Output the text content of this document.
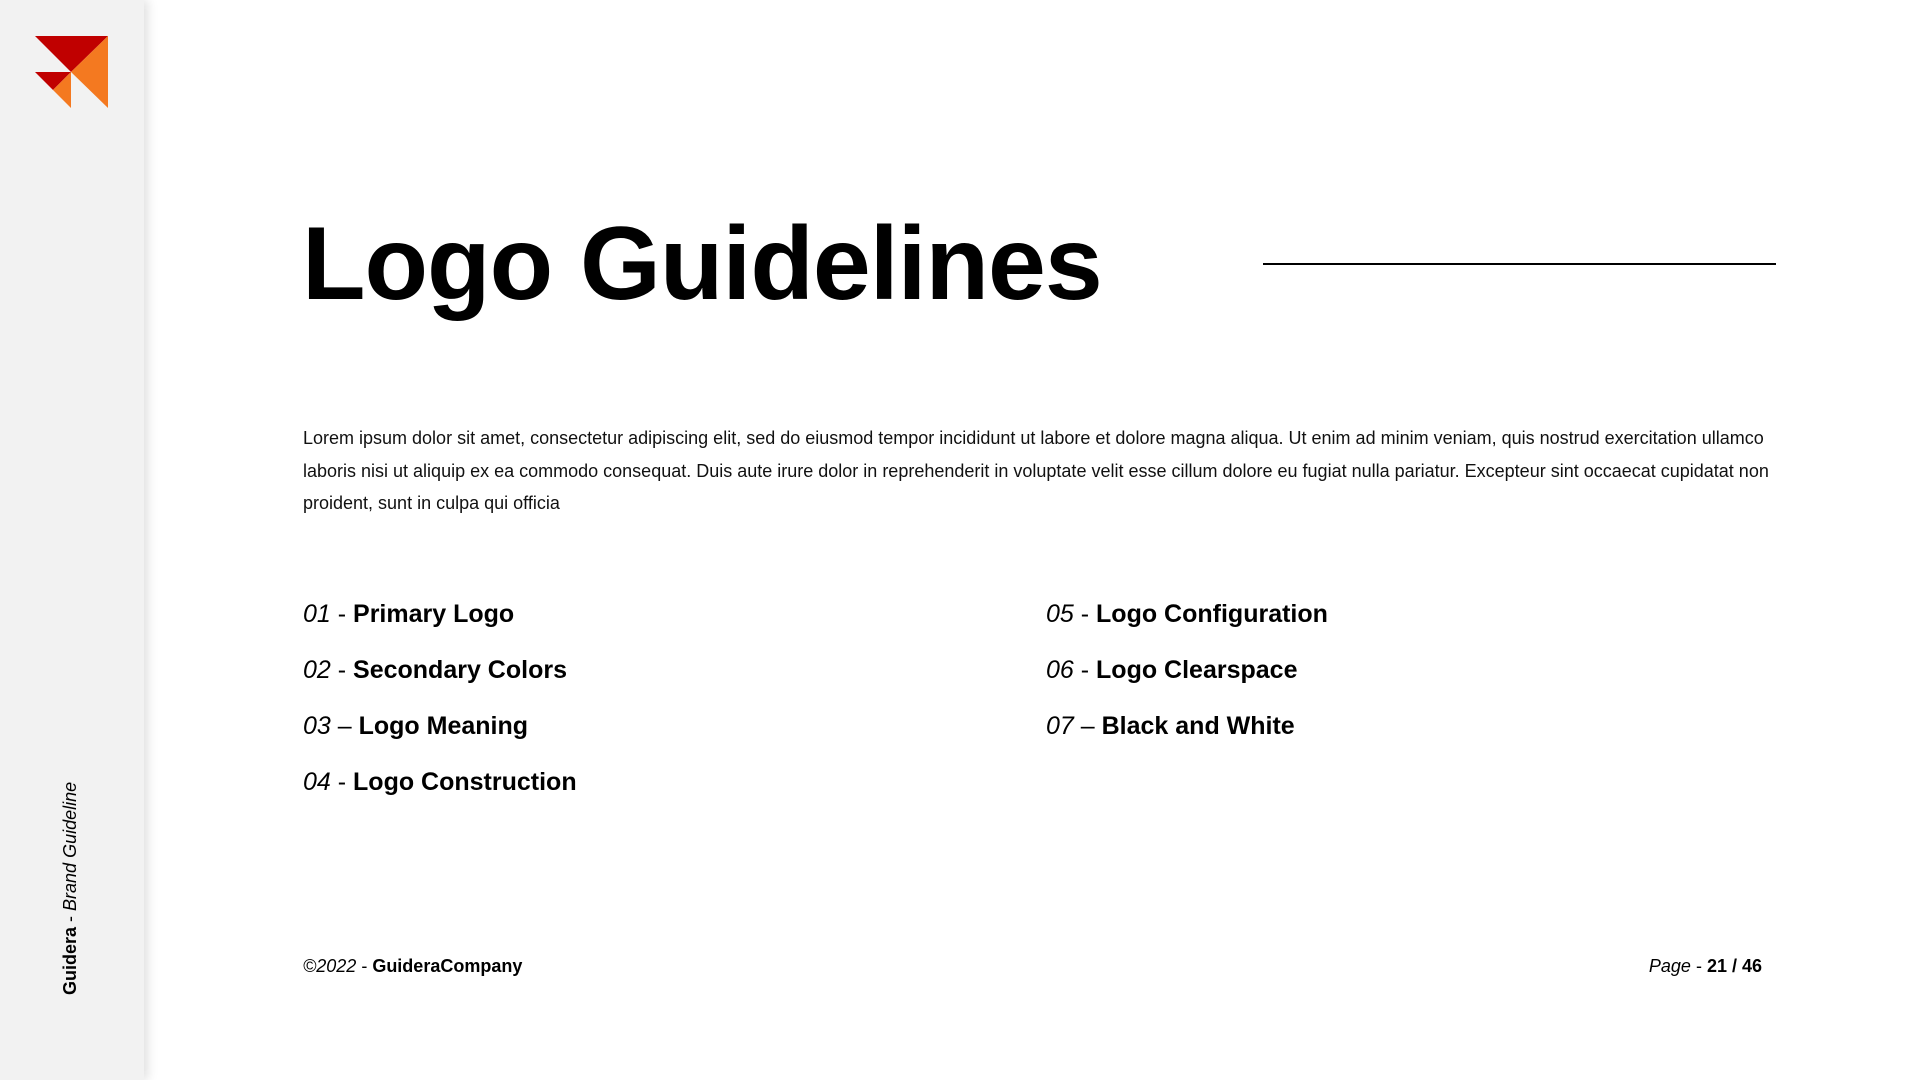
Guidera - Brand Guideline
Logo Guidelines

Lorem ipsum dolor sit amet, consectetur adipiscing elit, sed do eiusmod tempor incididunt ut labore et dolore magna aliqua. Ut enim ad minim veniam, quis nostrud exercitation ullamco laboris nisi ut aliquip ex ea commodo consequat. Duis aute irure dolor in reprehenderit in voluptate velit esse cillum dolore eu fugiat nulla pariatur. Excepteur sint occaecat cupidatat non proident, sunt in culpa qui officia

01 - Primary Logo
02 - Secondary Colors
03 – Logo Meaning
04 - Logo Construction
05 - Logo Configuration
06 - Logo Clearspace
07 – Black and White
©2022 - GuideraCompany	Page - 21 / 46
